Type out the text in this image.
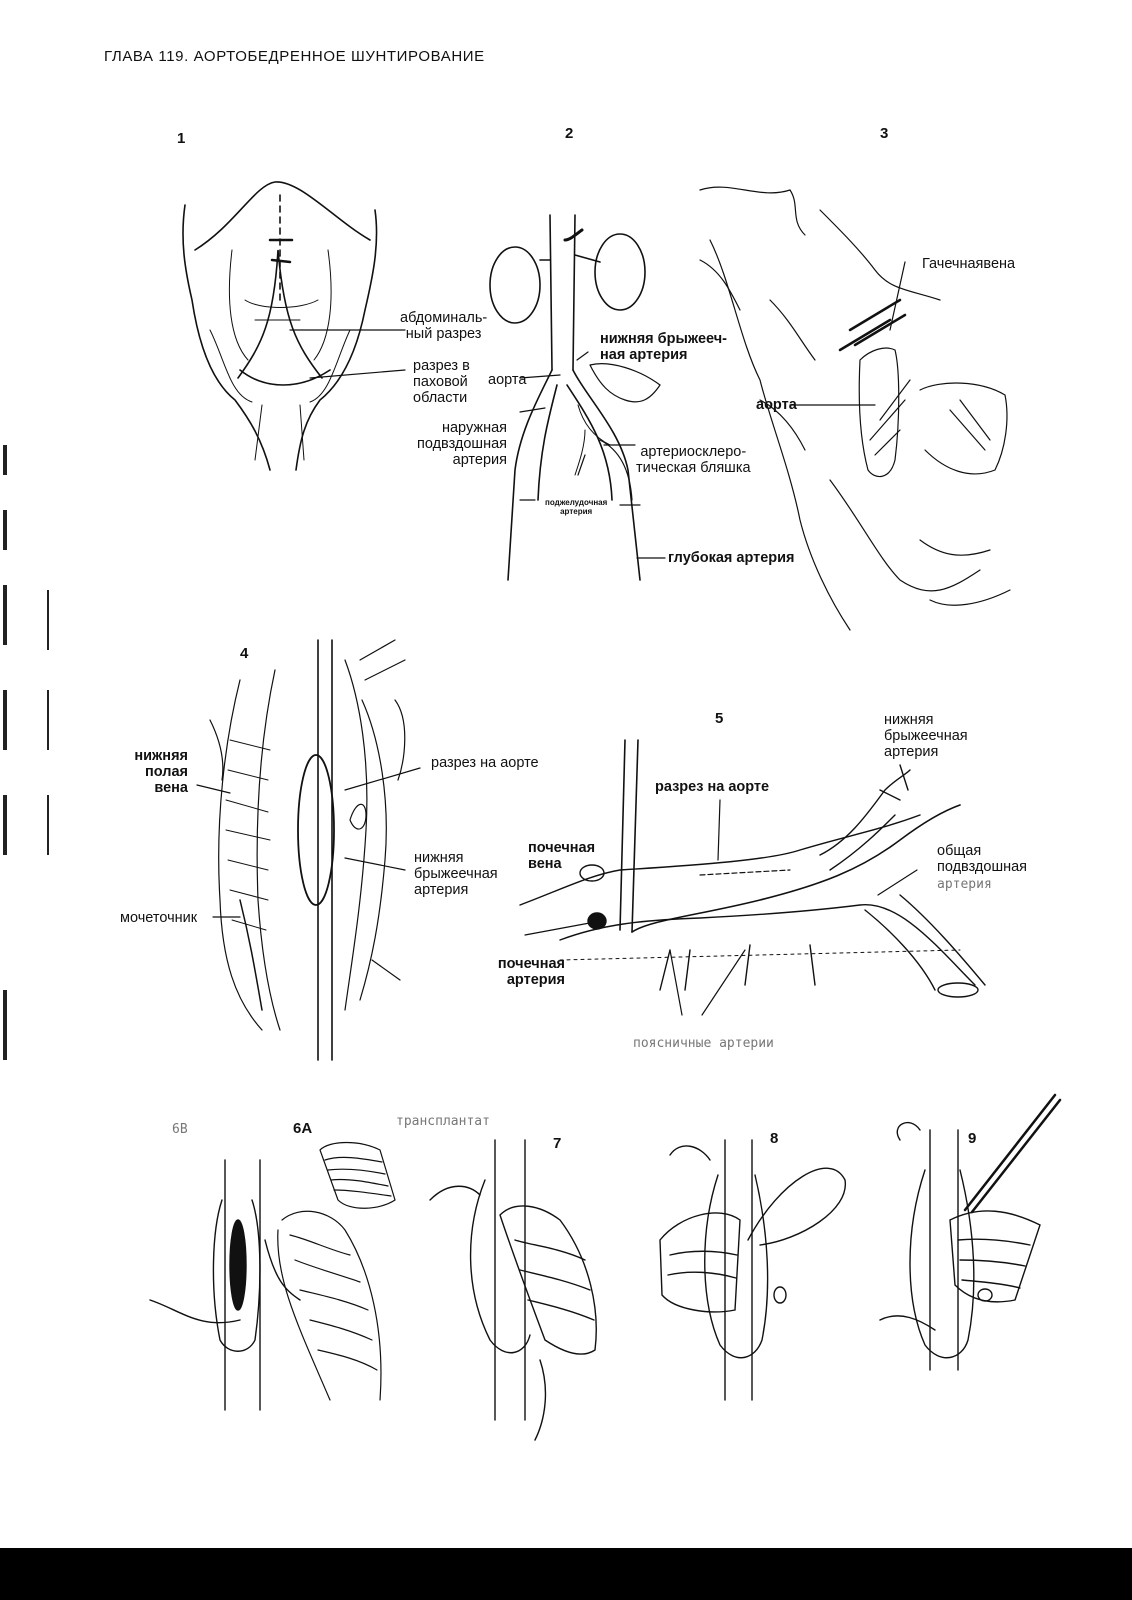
ГЛАВА 119. АОРТОБЕДРЕННОЕ ШУНТИРОВАНИЕ
1	2	3
4
5
6B	6A
7	8	9
абдоминаль-
ный разрез
разрез в
паховой
области
аорта
наружная
подвздошная
артерия
нижняя брыжееч-
ная артерия
артериосклеро-
тическая бляшка
поджелудочная
артерия
глубокая артерия
Гачечнаявена
аорта
нижняя
полая
вена
разрез на аорте
нижняя
брыжеечная
артерия
мочеточник
нижняя
брыжеечная
артерия
разрез на аорте
почечная
вена
общая
подвздошная
артерия
почечная
артерия
поясничные артерии
трансплантат
